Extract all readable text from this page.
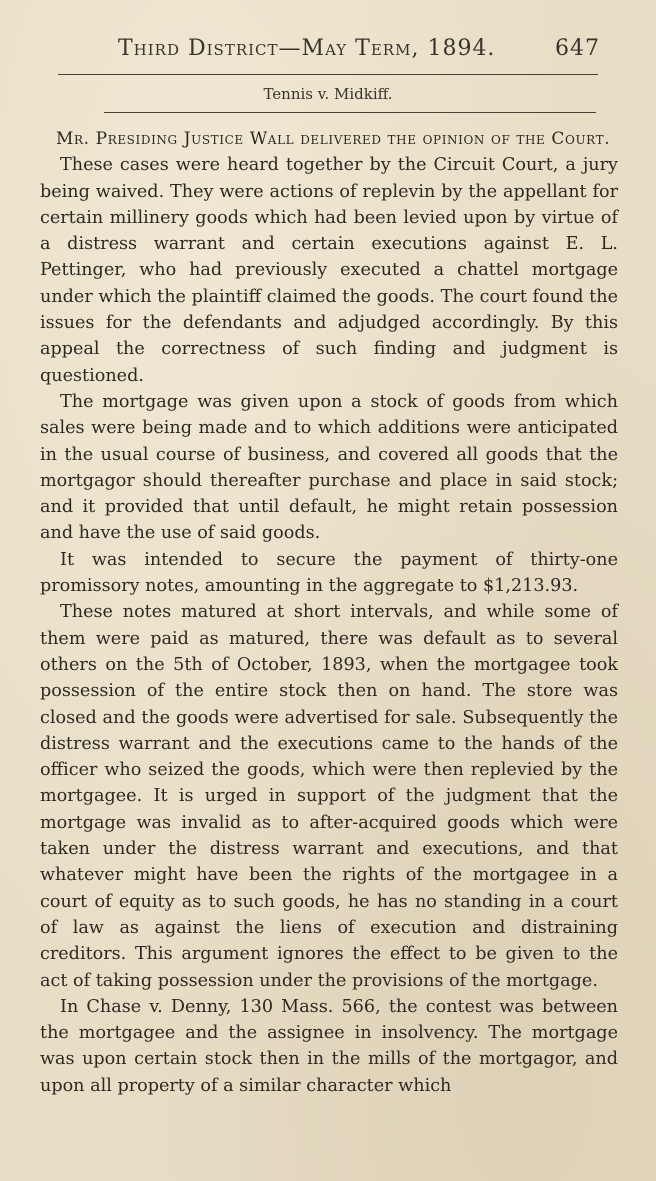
Third District—May Term, 1894.	647
Tennis v. Midkiff.

Mr. Presiding Justice Wall delivered the opinion of the Court.

These cases were heard together by the Circuit Court, a jury being waived. They were actions of replevin by the appellant for certain millinery goods which had been levied upon by virtue of a distress warrant and certain executions against E. L. Pettinger, who had previously executed a chattel mortgage under which the plaintiff claimed the goods. The court found the issues for the defendants and adjudged accordingly. By this appeal the correctness of such finding and judgment is questioned.

The mortgage was given upon a stock of goods from which sales were being made and to which additions were anticipated in the usual course of business, and covered all goods that the mortgagor should thereafter purchase and place in said stock; and it provided that until default, he might retain possession and have the use of said goods.

It was intended to secure the payment of thirty-one promissory notes, amounting in the aggregate to $1,213.93.

These notes matured at short intervals, and while some of them were paid as matured, there was default as to several others on the 5th of October, 1893, when the mortgagee took possession of the entire stock then on hand. The store was closed and the goods were advertised for sale. Subsequently the distress warrant and the executions came to the hands of the officer who seized the goods, which were then replevied by the mortgagee. It is urged in support of the judgment that the mortgage was invalid as to after-acquired goods which were taken under the distress warrant and executions, and that whatever might have been the rights of the mortgagee in a court of equity as to such goods, he has no standing in a court of law as against the liens of execution and distraining creditors. This argument ignores the effect to be given to the act of taking possession under the provisions of the mortgage.

In Chase v. Denny, 130 Mass. 566, the contest was between the mortgagee and the assignee in insolvency. The mortgage was upon certain stock then in the mills of the mortgagor, and upon all property of a similar character which
